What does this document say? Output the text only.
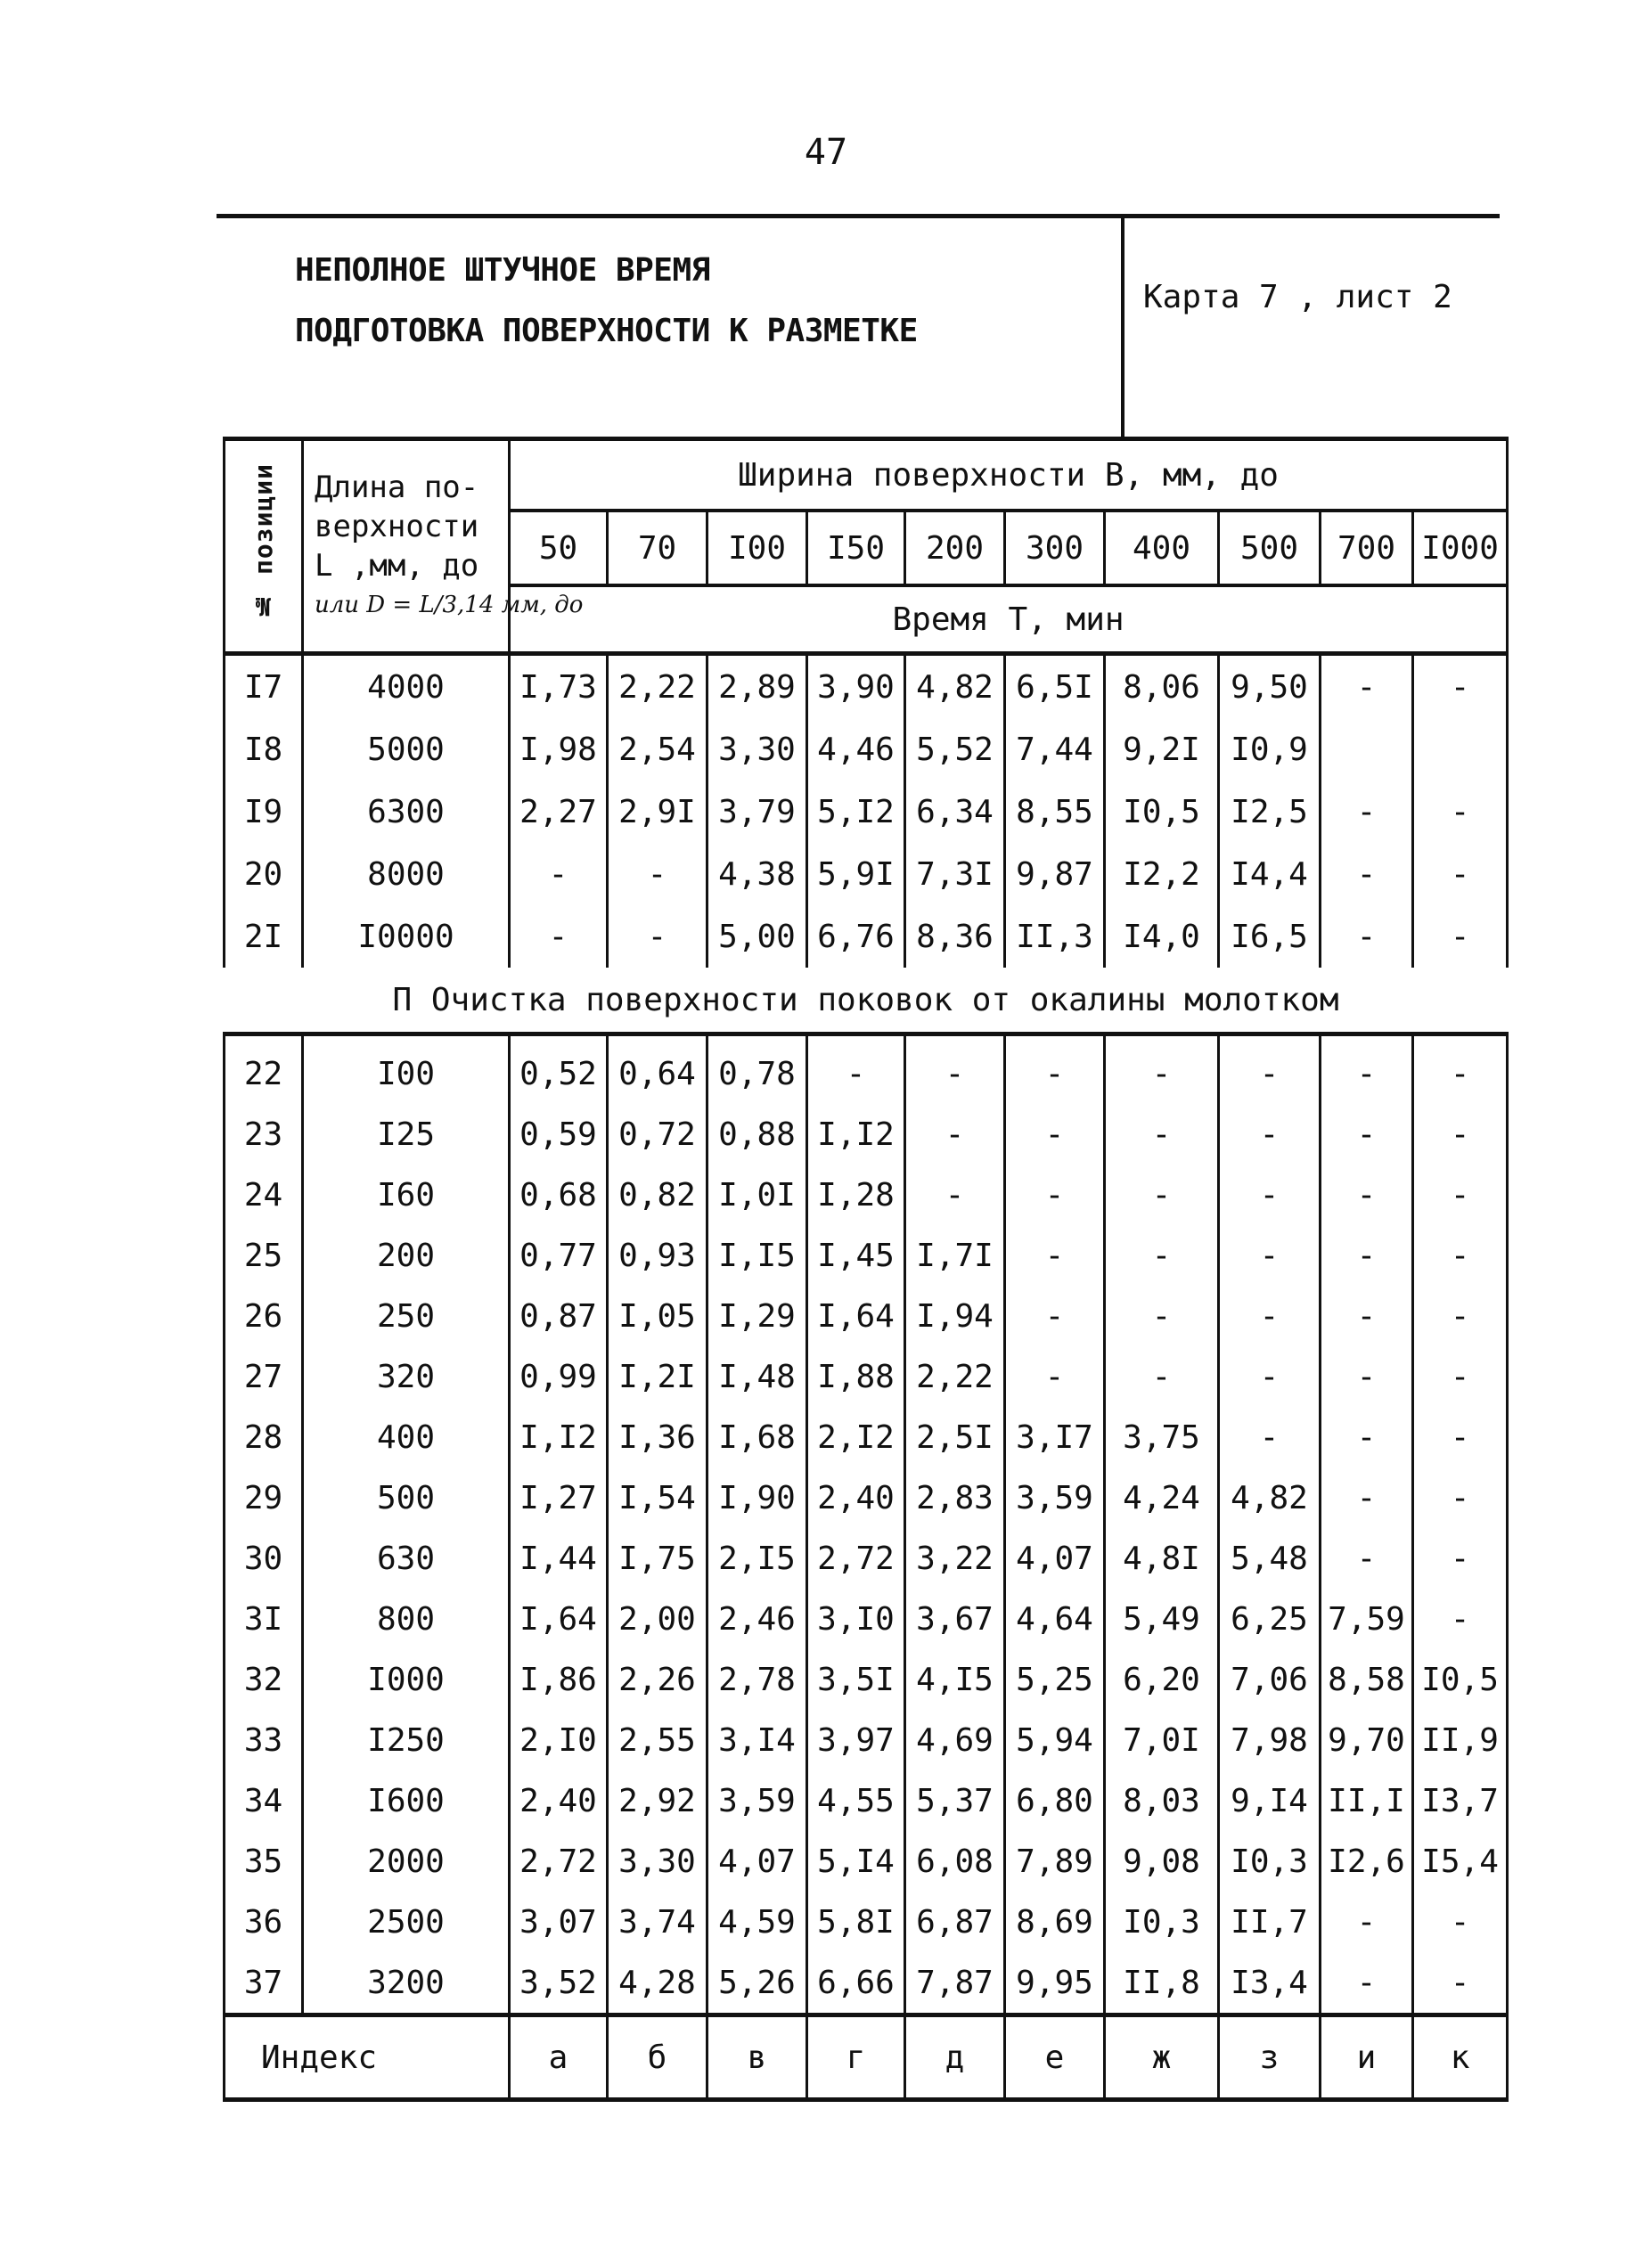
47
НЕПОЛНОЕ ШТУЧНОЕ ВРЕМЯ
ПОДГОТОВКА ПОВЕРХНОСТИ К РАЗМЕТКЕ
Карта 7 , лист 2
№ позиции	Длина по-
верхности
L ,мм, до
или D = L/3,14 мм, до	Ширина поверхности В, мм, до									
		50	70	I00	I50	200	300	400	500	700	I000
		Время Т, мин									
I7	4000	I,73	2,22	2,89	3,90	4,82	6,5I	8,06	9,50	-	-
I8	5000	I,98	2,54	3,30	4,46	5,52	7,44	9,2I	I0,9		
I9	6300	2,27	2,9I	3,79	5,I2	6,34	8,55	I0,5	I2,5	-	-
20	8000	-	-	4,38	5,9I	7,3I	9,87	I2,2	I4,4	-	-
2I	I0000	-	-	5,00	6,76	8,36	II,3	I4,0	I6,5	-	-
П Очистка поверхности поковок от окалины молотком											
22	I00	0,52	0,64	0,78	-	-	-	-	-	-	-
23	I25	0,59	0,72	0,88	I,I2	-	-	-	-	-	-
24	I60	0,68	0,82	I,0I	I,28	-	-	-	-	-	-
25	200	0,77	0,93	I,I5	I,45	I,7I	-	-	-	-	-
26	250	0,87	I,05	I,29	I,64	I,94	-	-	-	-	-
27	320	0,99	I,2I	I,48	I,88	2,22	-	-	-	-	-
28	400	I,I2	I,36	I,68	2,I2	2,5I	3,I7	3,75	-	-	-
29	500	I,27	I,54	I,90	2,40	2,83	3,59	4,24	4,82	-	-
30	630	I,44	I,75	2,I5	2,72	3,22	4,07	4,8I	5,48	-	-
3I	800	I,64	2,00	2,46	3,I0	3,67	4,64	5,49	6,25	7,59	-
32	I000	I,86	2,26	2,78	3,5I	4,I5	5,25	6,20	7,06	8,58	I0,5
33	I250	2,I0	2,55	3,I4	3,97	4,69	5,94	7,0I	7,98	9,70	II,9
34	I600	2,40	2,92	3,59	4,55	5,37	6,80	8,03	9,I4	II,I	I3,7
35	2000	2,72	3,30	4,07	5,I4	6,08	7,89	9,08	I0,3	I2,6	I5,4
36	2500	3,07	3,74	4,59	5,8I	6,87	8,69	I0,3	II,7	-	-
37	3200	3,52	4,28	5,26	6,66	7,87	9,95	II,8	I3,4	-	-
Индекс		а	б	в	г	д	е	ж	з	и	к
